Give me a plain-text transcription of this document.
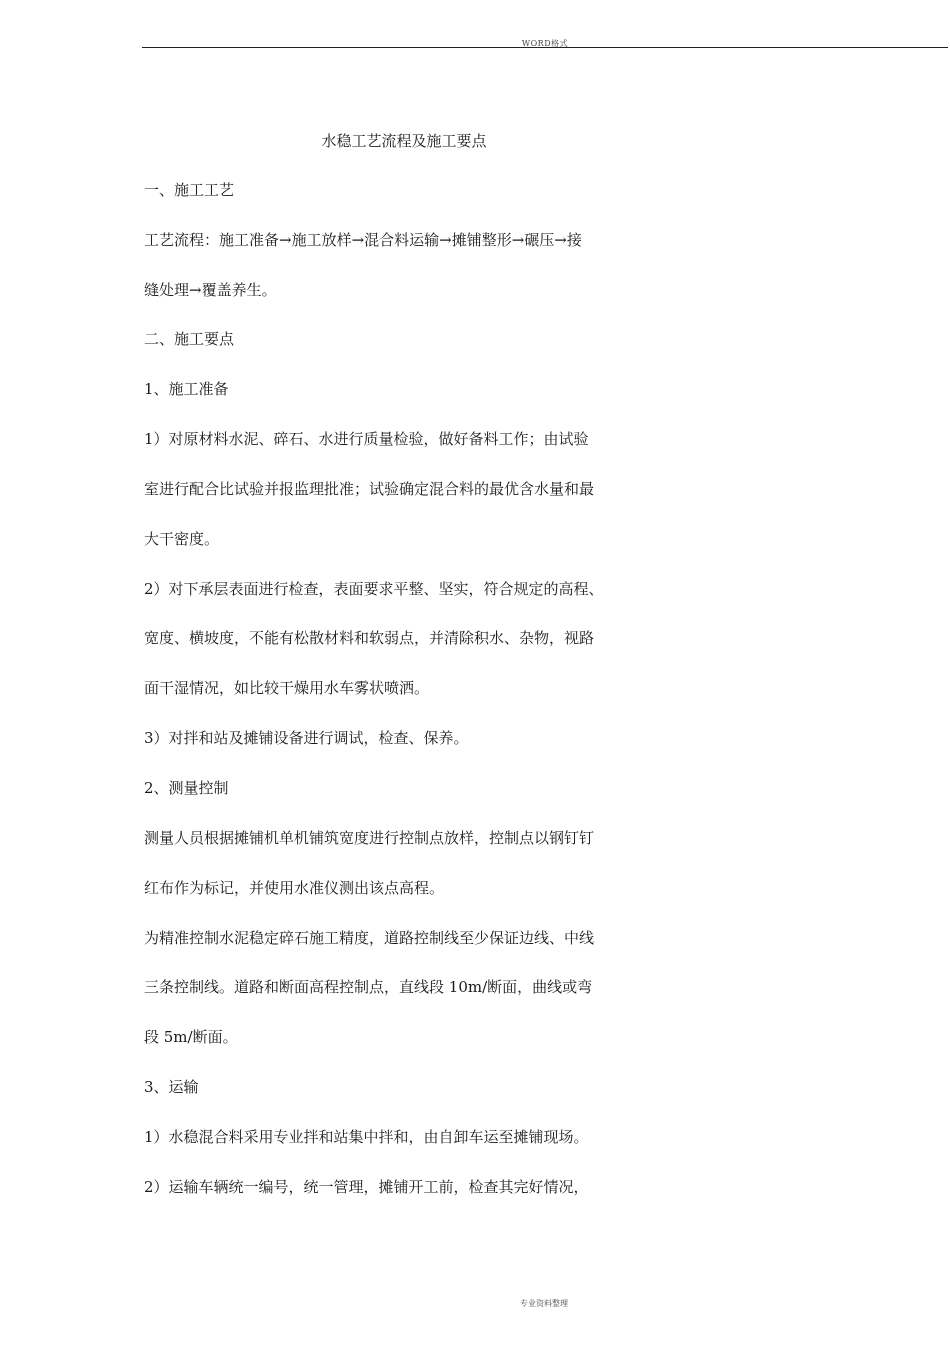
WORD格式
水稳工艺流程及施工要点
一、施工工艺
工艺流程：施工准备→施工放样→混合料运输→摊铺整形→碾压→接
缝处理→覆盖养生。
二、施工要点
1、施工准备
1）对原材料水泥、碎石、水进行质量检验，做好备料工作；由试验
室进行配合比试验并报监理批准；试验确定混合料的最优含水量和最
大干密度。
2）对下承层表面进行检查，表面要求平整、坚实，符合规定的高程、
宽度、横坡度，不能有松散材料和软弱点，并清除积水、杂物，视路
面干湿情况，如比较干燥用水车雾状喷洒。
3）对拌和站及摊铺设备进行调试，检查、保养。
2、测量控制
测量人员根据摊铺机单机铺筑宽度进行控制点放样，控制点以钢钉钉
红布作为标记，并使用水准仪测出该点高程。
为精准控制水泥稳定碎石施工精度，道路控制线至少保证边线、中线
三条控制线。道路和断面高程控制点，直线段 10m/断面，曲线或弯
段 5m/断面。
3、运输
1）水稳混合料采用专业拌和站集中拌和，由自卸车运至摊铺现场。
2）运输车辆统一编号，统一管理，摊铺开工前，检查其完好情况，
专业资料整理
